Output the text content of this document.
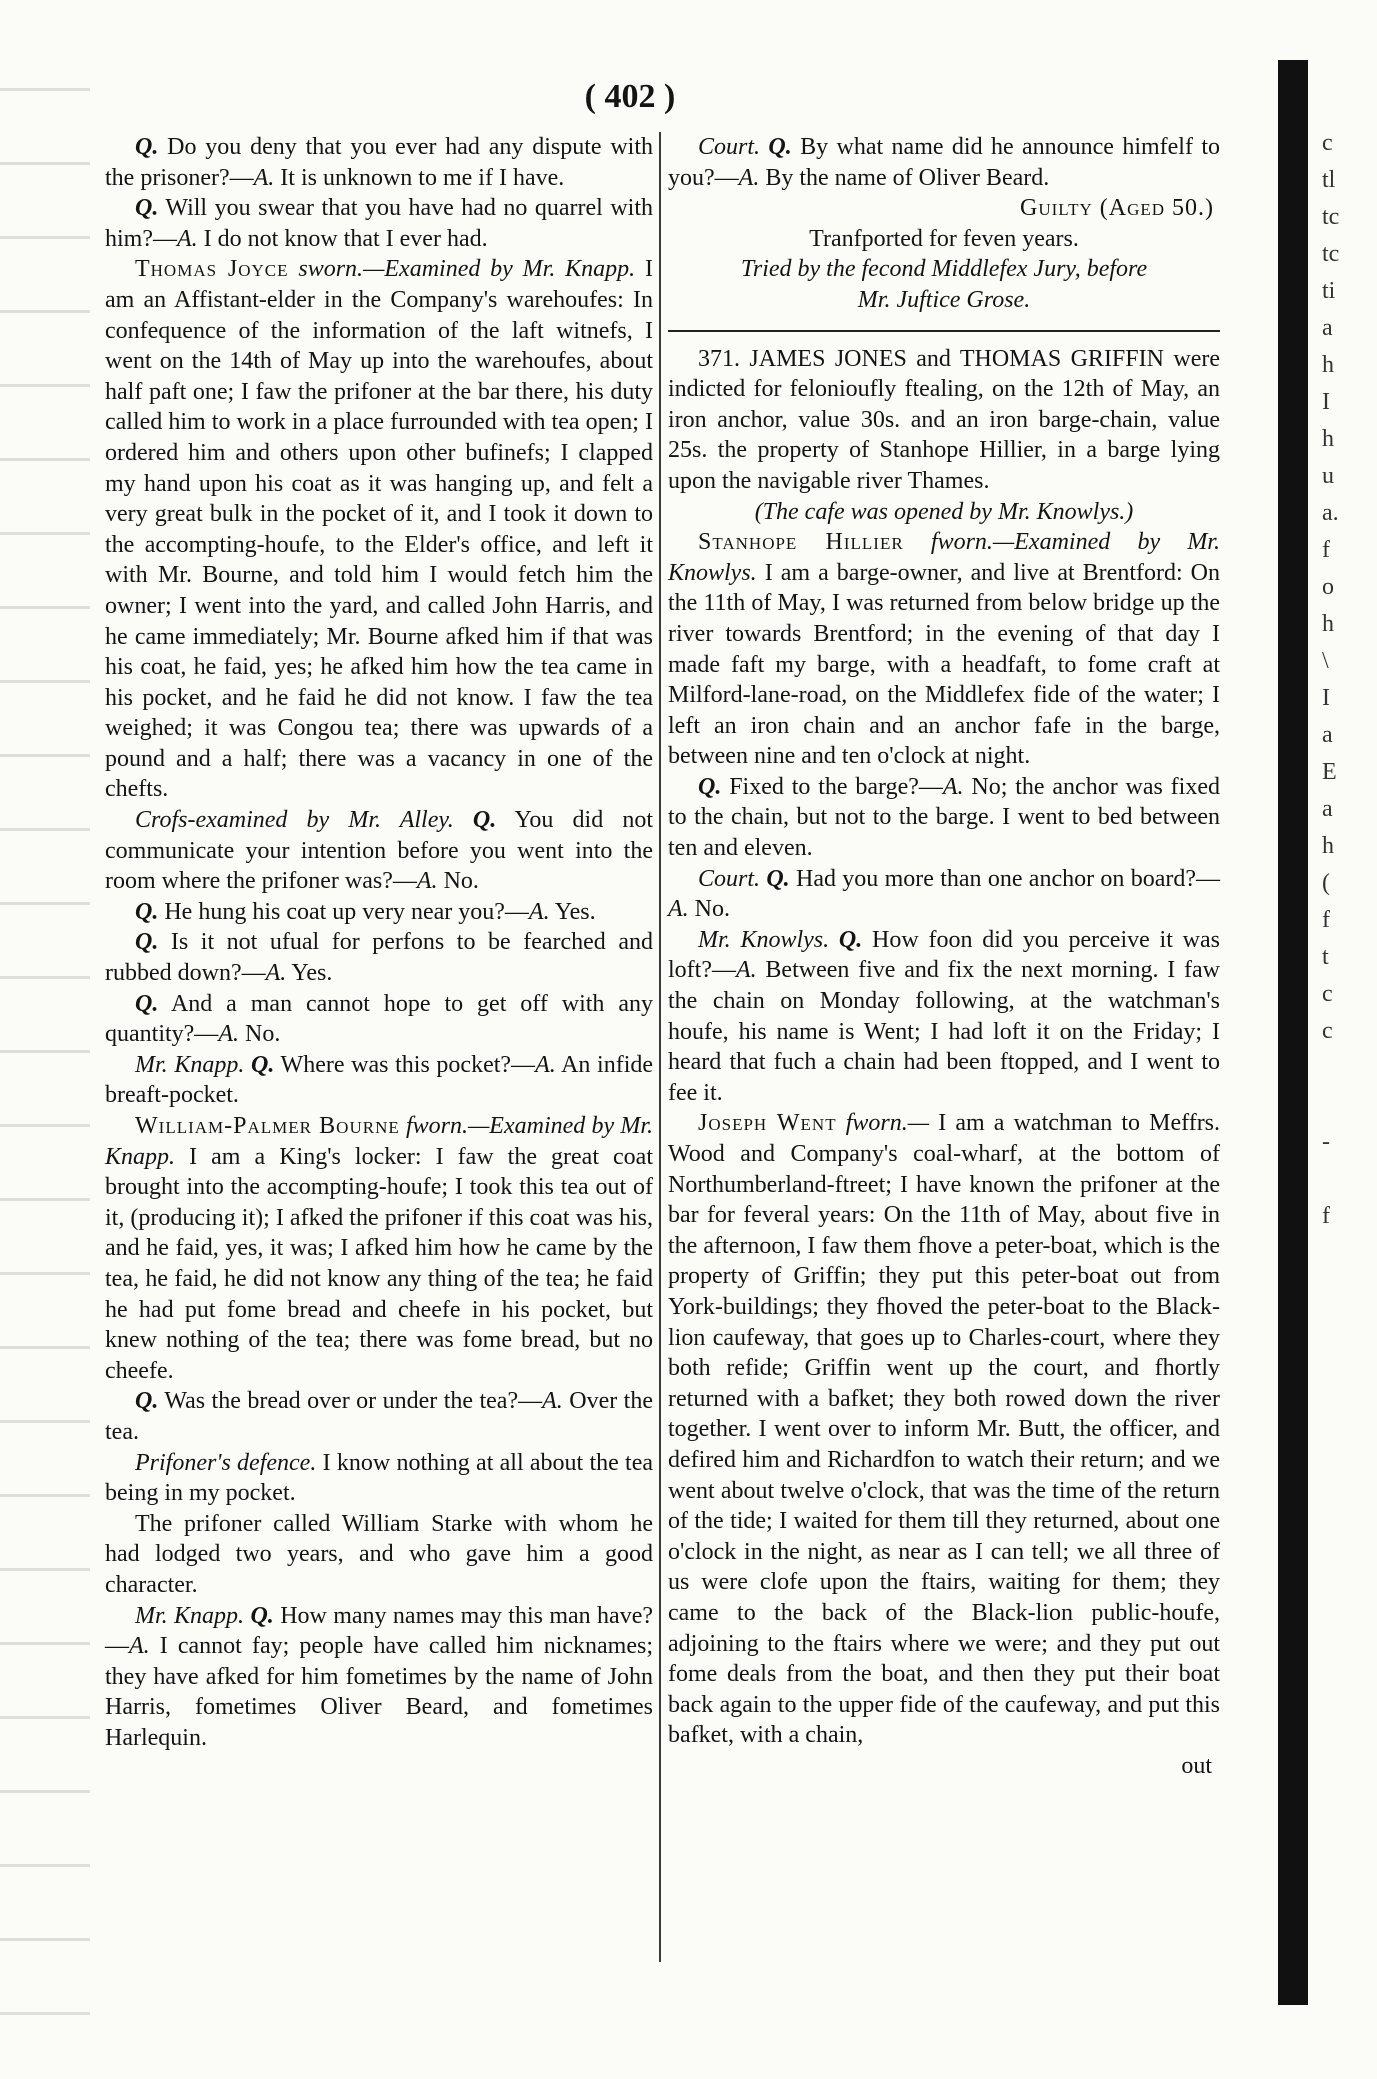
c
tl
tc
tc
ti
a
h
I
h
u
a.
f
o
h
\
I
a
E
a
h
(
f
t
c
c
-
f
( 402 )

Q. Do you deny that you ever had any dispute with the prisoner?—A. It is unknown to me if I have.

Q. Will you swear that you have had no quarrel with him?—A. I do not know that I ever had.

Thomas Joyce sworn.—Examined by Mr. Knapp. I am an Affistant-elder in the Company's warehoufes: In confequence of the information of the laft witnefs, I went on the 14th of May up into the warehoufes, about half paft one; I faw the prifoner at the bar there, his duty called him to work in a place furrounded with tea open; I ordered him and others upon other bufinefs; I clapped my hand upon his coat as it was hanging up, and felt a very great bulk in the pocket of it, and I took it down to the accompting-houfe, to the Elder's office, and left it with Mr. Bourne, and told him I would fetch him the owner; I went into the yard, and called John Harris, and he came immediately; Mr. Bourne afked him if that was his coat, he faid, yes; he afked him how the tea came in his pocket, and he faid he did not know. I faw the tea weighed; it was Congou tea; there was upwards of a pound and a half; there was a vacancy in one of the chefts.

Crofs-examined by Mr. Alley. Q. You did not communicate your intention before you went into the room where the prifoner was?—A. No.

Q. He hung his coat up very near you?—A. Yes.

Q. Is it not ufual for perfons to be fearched and rubbed down?—A. Yes.

Q. And a man cannot hope to get off with any quantity?—A. No.

Mr. Knapp. Q. Where was this pocket?—A. An infide breaft-pocket.

William-Palmer Bourne fworn.—Examined by Mr. Knapp. I am a King's locker: I faw the great coat brought into the accompting-houfe; I took this tea out of it, (producing it); I afked the prifoner if this coat was his, and he faid, yes, it was; I afked him how he came by the tea, he faid, he did not know any thing of the tea; he faid he had put fome bread and cheefe in his pocket, but knew nothing of the tea; there was fome bread, but no cheefe.

Q. Was the bread over or under the tea?—A. Over the tea.

Prifoner's defence. I know nothing at all about the tea being in my pocket.

The prifoner called William Starke with whom he had lodged two years, and who gave him a good character.

Mr. Knapp. Q. How many names may this man have?—A. I cannot fay; people have called him nicknames; they have afked for him fometimes by the name of John Harris, fometimes Oliver Beard, and fometimes Harlequin.

Court. Q. By what name did he announce himfelf to you?—A. By the name of Oliver Beard.

Guilty (Aged 50.)

Tranfported for feven years.

Tried by the fecond Middlefex Jury, before

Mr. Juftice Grose.

371. JAMES JONES and THOMAS GRIFFIN were indicted for felonioufly ftealing, on the 12th of May, an iron anchor, value 30s. and an iron barge-chain, value 25s. the property of Stanhope Hillier, in a barge lying upon the navigable river Thames.

(The cafe was opened by Mr. Knowlys.)

Stanhope Hillier fworn.—Examined by Mr. Knowlys. I am a barge-owner, and live at Brentford: On the 11th of May, I was returned from below bridge up the river towards Brentford; in the evening of that day I made faft my barge, with a headfaft, to fome craft at Milford-lane-road, on the Middlefex fide of the water; I left an iron chain and an anchor fafe in the barge, between nine and ten o'clock at night.

Q. Fixed to the barge?—A. No; the anchor was fixed to the chain, but not to the barge. I went to bed between ten and eleven.

Court. Q. Had you more than one anchor on board?—A. No.

Mr. Knowlys. Q. How foon did you perceive it was loft?—A. Between five and fix the next morning. I faw the chain on Monday following, at the watchman's houfe, his name is Went; I had loft it on the Friday; I heard that fuch a chain had been ftopped, and I went to fee it.

Joseph Went fworn.— I am a watchman to Meffrs. Wood and Company's coal-wharf, at the bottom of Northumberland-ftreet; I have known the prifoner at the bar for feveral years: On the 11th of May, about five in the afternoon, I faw them fhove a peter-boat, which is the property of Griffin; they put this peter-boat out from York-buildings; they fhoved the peter-boat to the Black-lion caufeway, that goes up to Charles-court, where they both refide; Griffin went up the court, and fhortly returned with a bafket; they both rowed down the river together. I went over to inform Mr. Butt, the officer, and defired him and Richardfon to watch their return; and we went about twelve o'clock, that was the time of the return of the tide; I waited for them till they returned, about one o'clock in the night, as near as I can tell; we all three of us were clofe upon the ftairs, waiting for them; they came to the back of the Black-lion public-houfe, adjoining to the ftairs where we were; and they put out fome deals from the boat, and then they put their boat back again to the upper fide of the caufeway, and put this bafket, with a chain,

out
